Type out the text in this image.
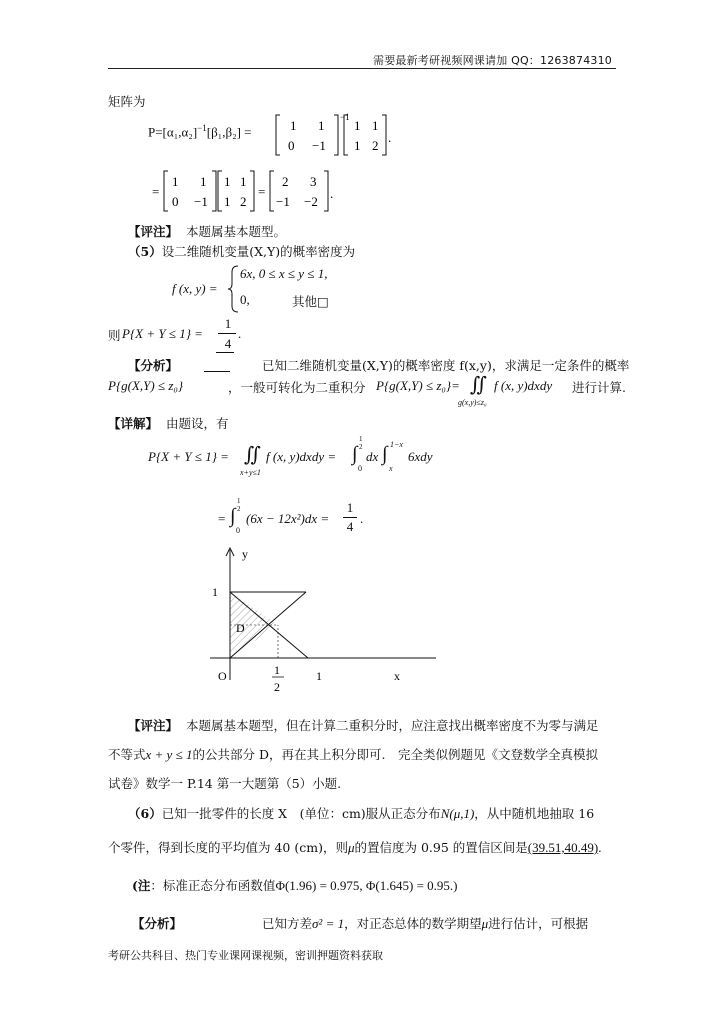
需要最新考研视频网课请加 QQ：1263874310
矩阵为
$P=[\alpha_1,\alpha_2]^{-1}[\beta_1,\beta_2]$ =	1 1
0 −1
−1
1 1
1 2
.
=
1 1
0 −1
1 1
1 2
=
2 3
−1 −2
.
【评注】 本题属基本题型。
（5）设二维随机变量(X,Y)的概率密度为
f (x, y) =
6x, 0 ≤ x ≤ y ≤ 1,
0,	其他□
则 P{X + Y ≤ 1} =
1
4
.
【分析】	已知二维随机变量(X,Y)的概率密度 f(x,y)，求满足一定条件的概率
P{g(X,Y) ≤ z₀}	，一般可转化为二重积分 P{g(X,Y) ≤ z₀}= ∬
g(x,y)≤z₀
f (x, y)dxdy 进行计算.
【详解】 由题设，有
P{X + Y ≤ 1} = ∬
x+y≤1
f (x, y)dxdy = ∫
1
2
0
dx ∫ 1−x
x
6xdy
= ∫
1
2
0
(6x − 12x²)dx =
1
4
.
y
x
O
1
1
1
2
D
【评注】 本题属基本题型，但在计算二重积分时，应注意找出概率密度不为零与满足
不等式x + y ≤ 1的公共部分 D，再在其上积分即可.　完全类似例题见《文登数学全真模拟
试卷》数学一 P.14 第一大题第（5）小题.
（6）已知一批零件的长度 X　(单位：cm)服从正态分布N(μ,1)，从中随机地抽取 16
个零件，得到长度的平均值为 40 (cm)，则μ的置信度为 0.95 的置信区间是(39.51,40.49).
(注：标准正态分布函数值Φ(1.96) = 0.975, Φ(1.645) = 0.95.)
【分析】	已知方差σ² = 1，对正态总体的数学期望μ进行估计，可根据
考研公共科目、热门专业课网课视频，密训押题资料获取
